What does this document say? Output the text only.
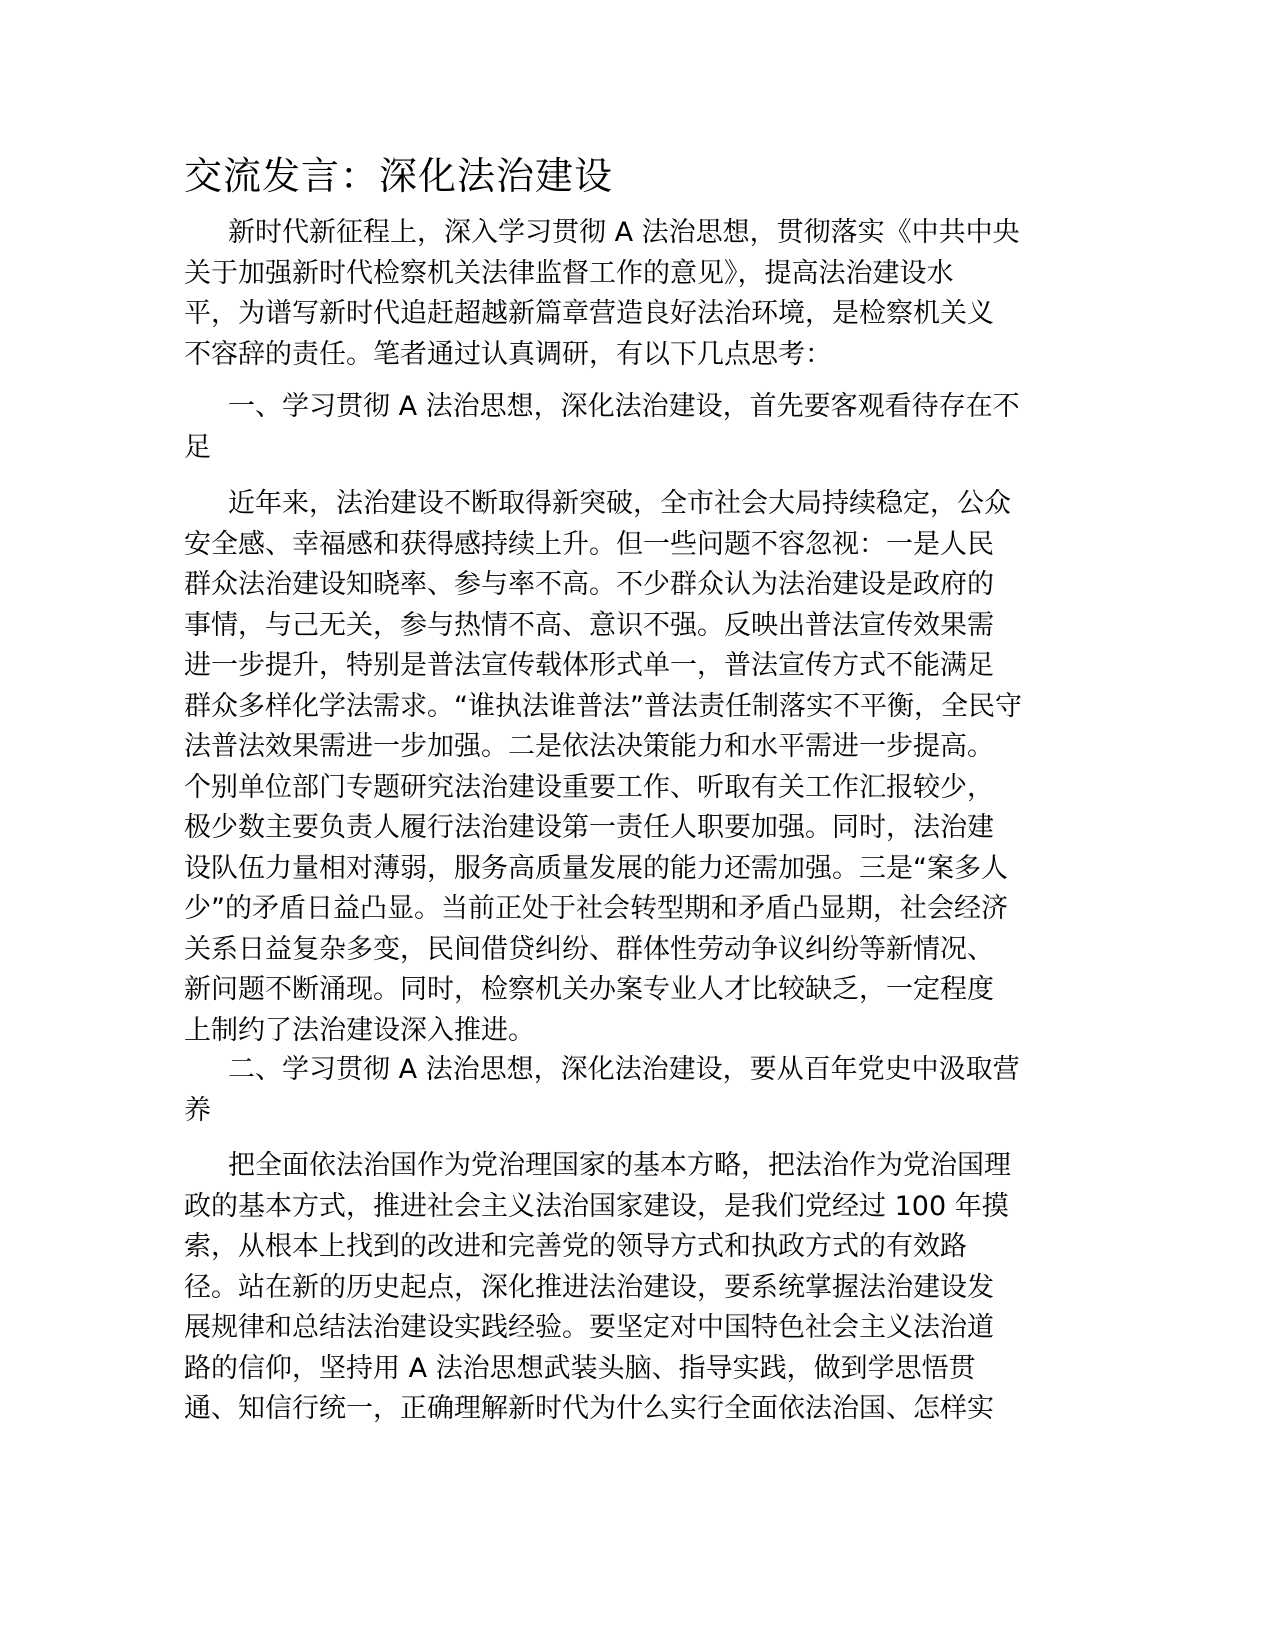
交流发言：深化法治建设

新时代新征程上，深入学习贯彻 A 法治思想，贯彻落实《中共中央
关于加强新时代检察机关法律监督工作的意见》，提高法治建设水
平，为谱写新时代追赶超越新篇章营造良好法治环境，是检察机关义
不容辞的责任。笔者通过认真调研，有以下几点思考：

一、学习贯彻 A 法治思想，深化法治建设，首先要客观看待存在不
足

近年来，法治建设不断取得新突破，全市社会大局持续稳定，公众
安全感、幸福感和获得感持续上升。但一些问题不容忽视：一是人民
群众法治建设知晓率、参与率不高。不少群众认为法治建设是政府的
事情，与己无关，参与热情不高、意识不强。反映出普法宣传效果需
进一步提升，特别是普法宣传载体形式单一，普法宣传方式不能满足
群众多样化学法需求。“谁执法谁普法”普法责任制落实不平衡，全民守
法普法效果需进一步加强。二是依法决策能力和水平需进一步提高。
个别单位部门专题研究法治建设重要工作、听取有关工作汇报较少，
极少数主要负责人履行法治建设第一责任人职要加强。同时，法治建
设队伍力量相对薄弱，服务高质量发展的能力还需加强。三是“案多人
少”的矛盾日益凸显。当前正处于社会转型期和矛盾凸显期，社会经济
关系日益复杂多变，民间借贷纠纷、群体性劳动争议纠纷等新情况、
新问题不断涌现。同时，检察机关办案专业人才比较缺乏，一定程度
上制约了法治建设深入推进。

二、学习贯彻 A 法治思想，深化法治建设，要从百年党史中汲取营
养

把全面依法治国作为党治理国家的基本方略，把法治作为党治国理
政的基本方式，推进社会主义法治国家建设，是我们党经过 100 年摸
索，从根本上找到的改进和完善党的领导方式和执政方式的有效路
径。站在新的历史起点，深化推进法治建设，要系统掌握法治建设发
展规律和总结法治建设实践经验。要坚定对中国特色社会主义法治道
路的信仰，坚持用 A 法治思想武装头脑、指导实践，做到学思悟贯
通、知信行统一，正确理解新时代为什么实行全面依法治国、怎样实
